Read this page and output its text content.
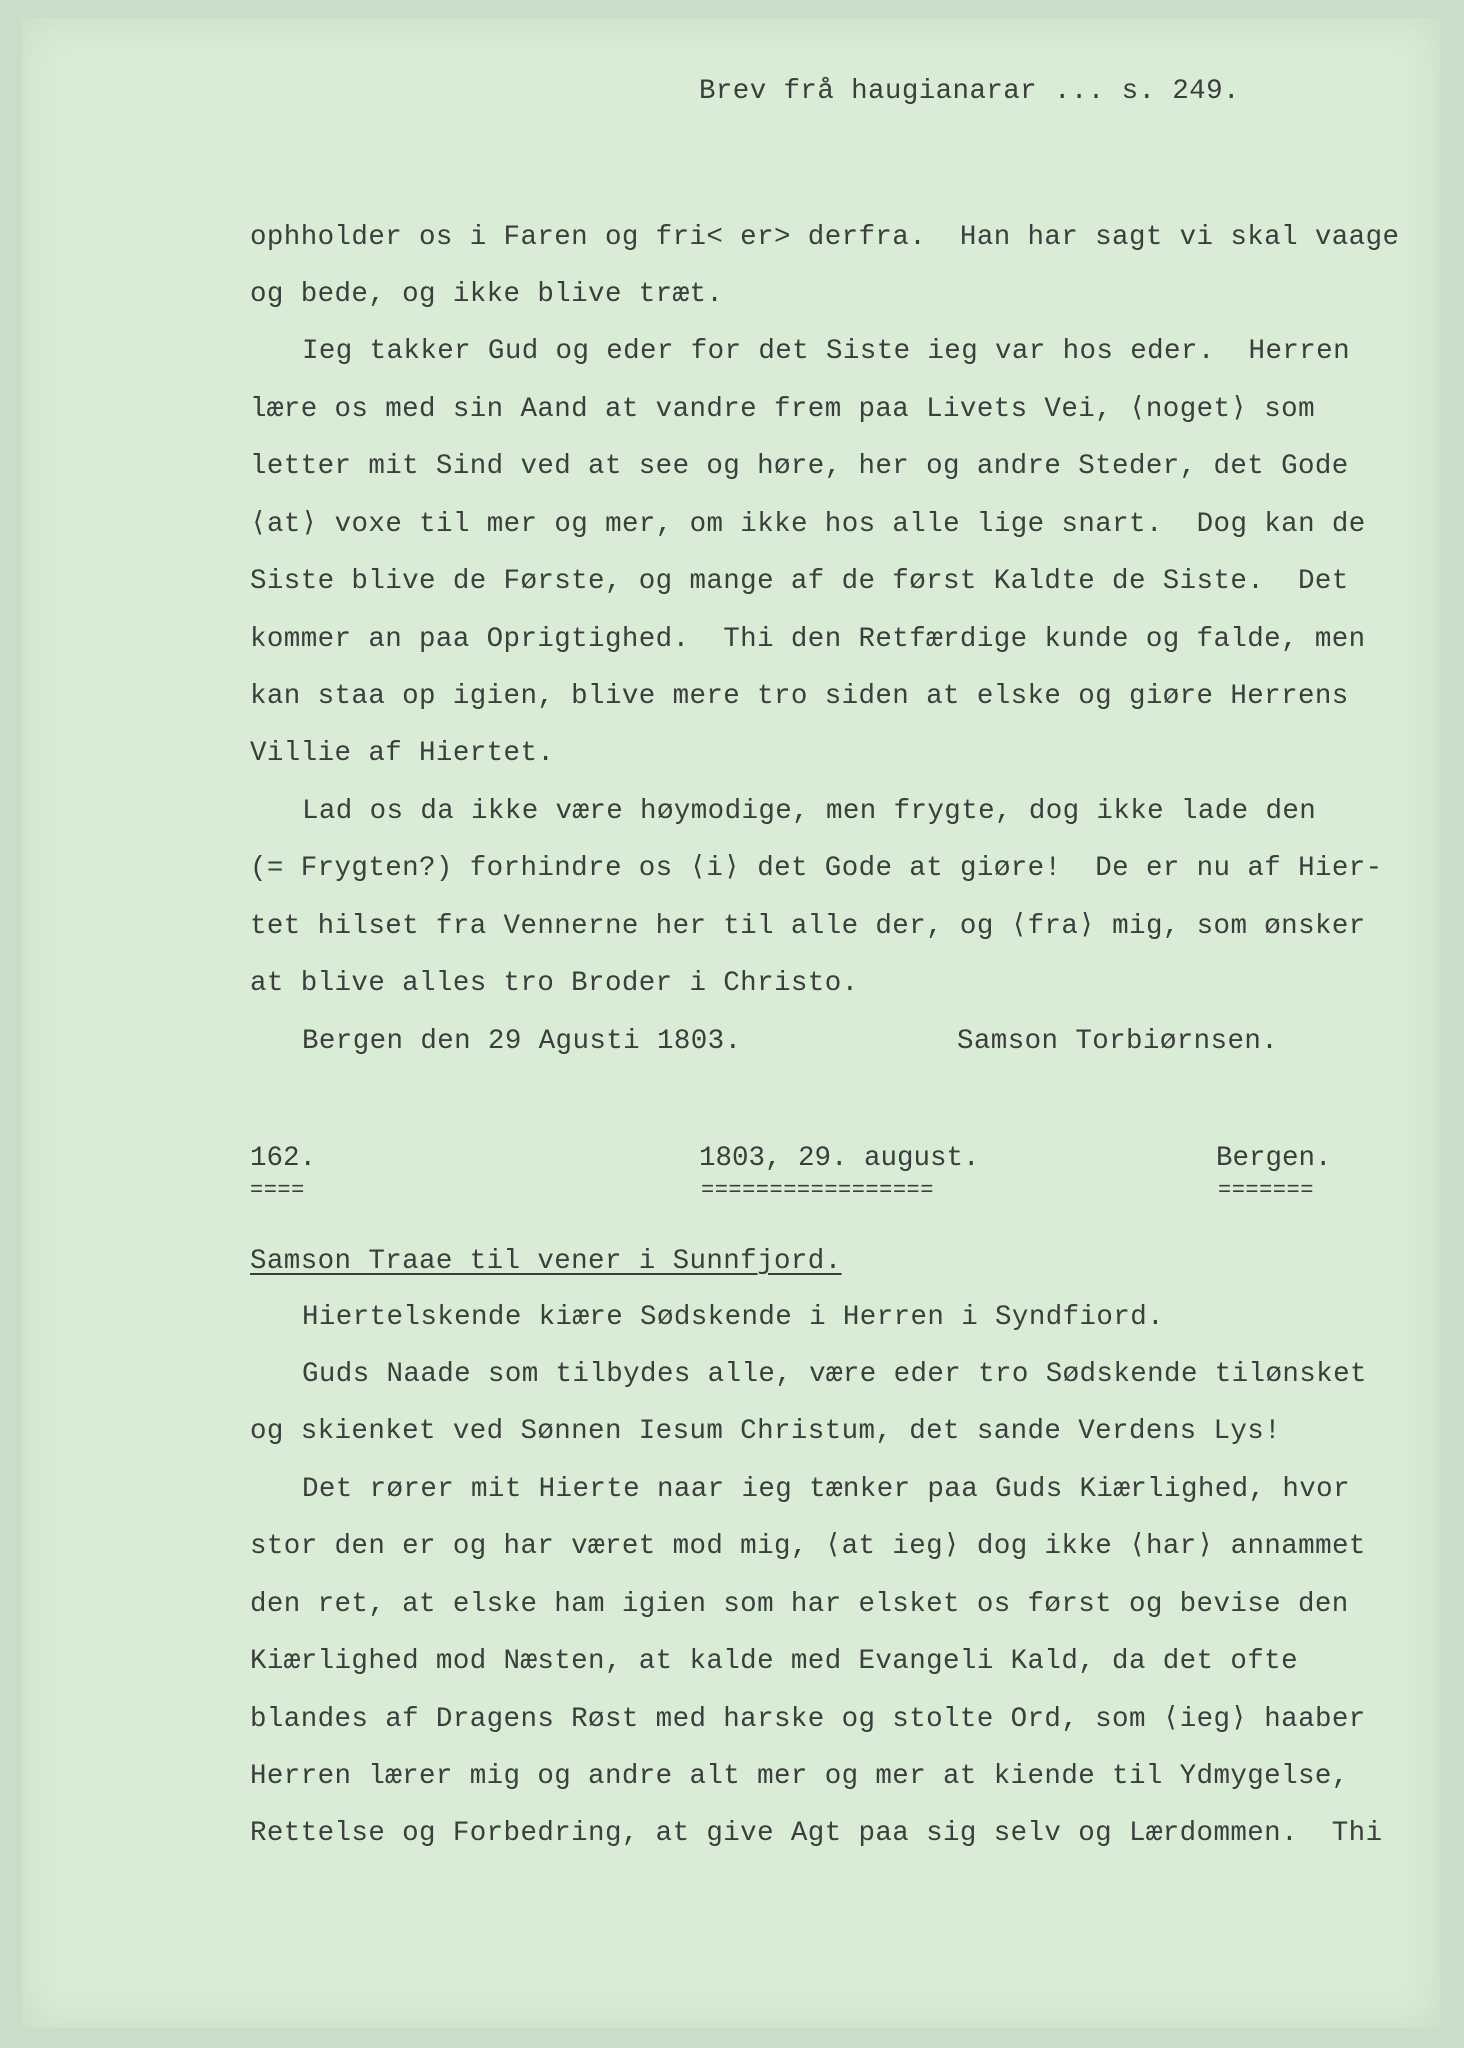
Brev frå haugianarar ... s. 249.
ophholder os i Faren og fri< er> derfra.  Han har sagt vi skal vaage
og bede, og ikke blive træt.
Ieg takker Gud og eder for det Siste ieg var hos eder.  Herren
lære os med sin Aand at vandre frem paa Livets Vei, ⟨noget⟩ som
letter mit Sind ved at see og høre, her og andre Steder, det Gode
⟨at⟩ voxe til mer og mer, om ikke hos alle lige snart.  Dog kan de
Siste blive de Første, og mange af de først Kaldte de Siste.  Det
kommer an paa Oprigtighed.  Thi den Retfærdige kunde og falde, men
kan staa op igien, blive mere tro siden at elske og giøre Herrens
Villie af Hiertet.
Lad os da ikke være høymodige, men frygte, dog ikke lade den
(= Frygten?) forhindre os ⟨i⟩ det Gode at giøre!  De er nu af Hier-
tet hilset fra Vennerne her til alle der, og ⟨fra⟩ mig, som ønsker
at blive alles tro Broder i Christo.
Bergen den 29 Agusti 1803.	Samson Torbiørnsen.
162.	1803, 29. august.	Bergen.
====	=================	=======
Samson Traae til vener i Sunnfjord.
Hiertelskende kiære Sødskende i Herren i Syndfiord.
Guds Naade som tilbydes alle, være eder tro Sødskende tilønsket
og skienket ved Sønnen Iesum Christum, det sande Verdens Lys!
Det rører mit Hierte naar ieg tænker paa Guds Kiærlighed, hvor
stor den er og har været mod mig, ⟨at ieg⟩ dog ikke ⟨har⟩ annammet
den ret, at elske ham igien som har elsket os først og bevise den
Kiærlighed mod Næsten, at kalde med Evangeli Kald, da det ofte
blandes af Dragens Røst med harske og stolte Ord, som ⟨ieg⟩ haaber
Herren lærer mig og andre alt mer og mer at kiende til Ydmygelse,
Rettelse og Forbedring, at give Agt paa sig selv og Lærdommen.  Thi
